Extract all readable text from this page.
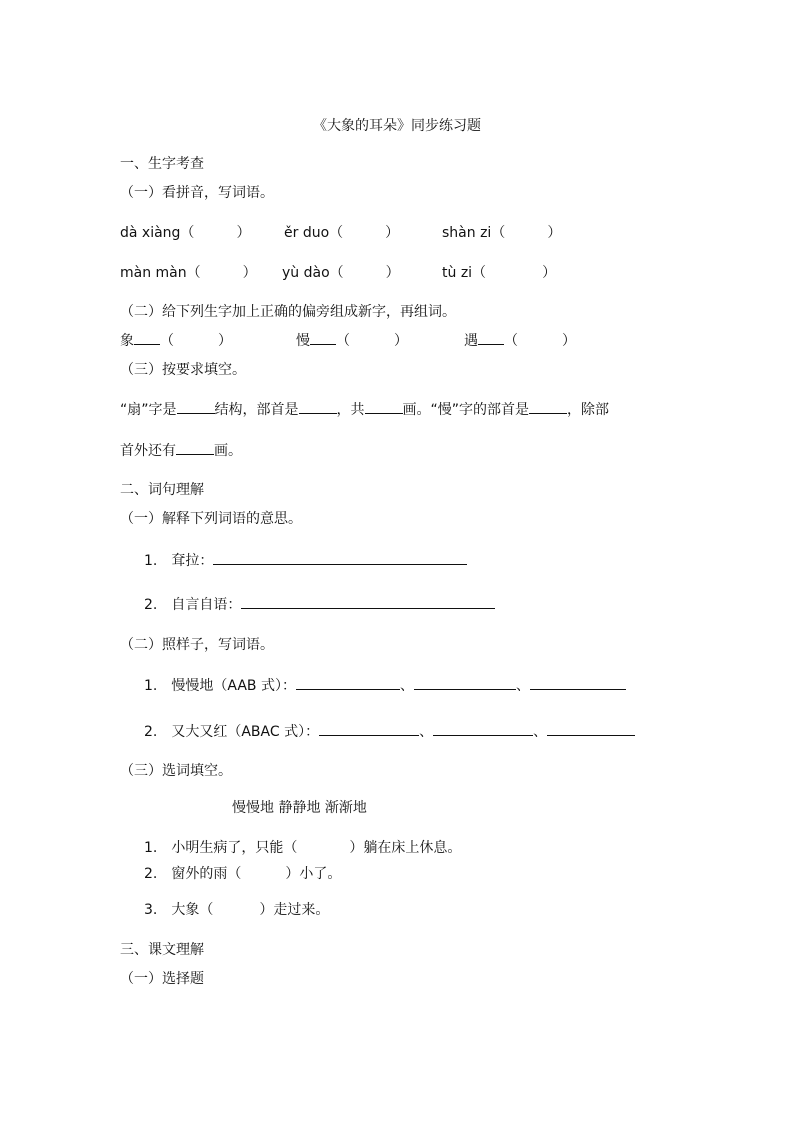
《大象的耳朵》同步练习题
一、生字考查
（一）看拼音，写词语。
dà xiàng（	） ěr duo（	）	shàn zi（	）
màn màn（	） yù dào（	）	tù zi（	）
（二）给下列生字加上正确的偏旁组成新字，再组词。
象 （	）	慢 （	）	遇 （	）
（三）按要求填空。
“扇”字是	结构，部首是	，共	画。“慢”字的部首是	，除部
首外还有	画。
二、词句理解
（一）解释下列词语的意思。
1. 耷拉：
2. 自言自语：
（二）照样子，写词语。
1. 慢慢地（AAB 式）：	、	、
2. 又大又红（ABAC 式）：	、	、
（三）选词填空。
慢慢地 静静地 渐渐地
1. 小明生病了，只能（	）躺在床上休息。
2. 窗外的雨（	）小了。
3. 大象（	）走过来。
三、课文理解
（一）选择题
